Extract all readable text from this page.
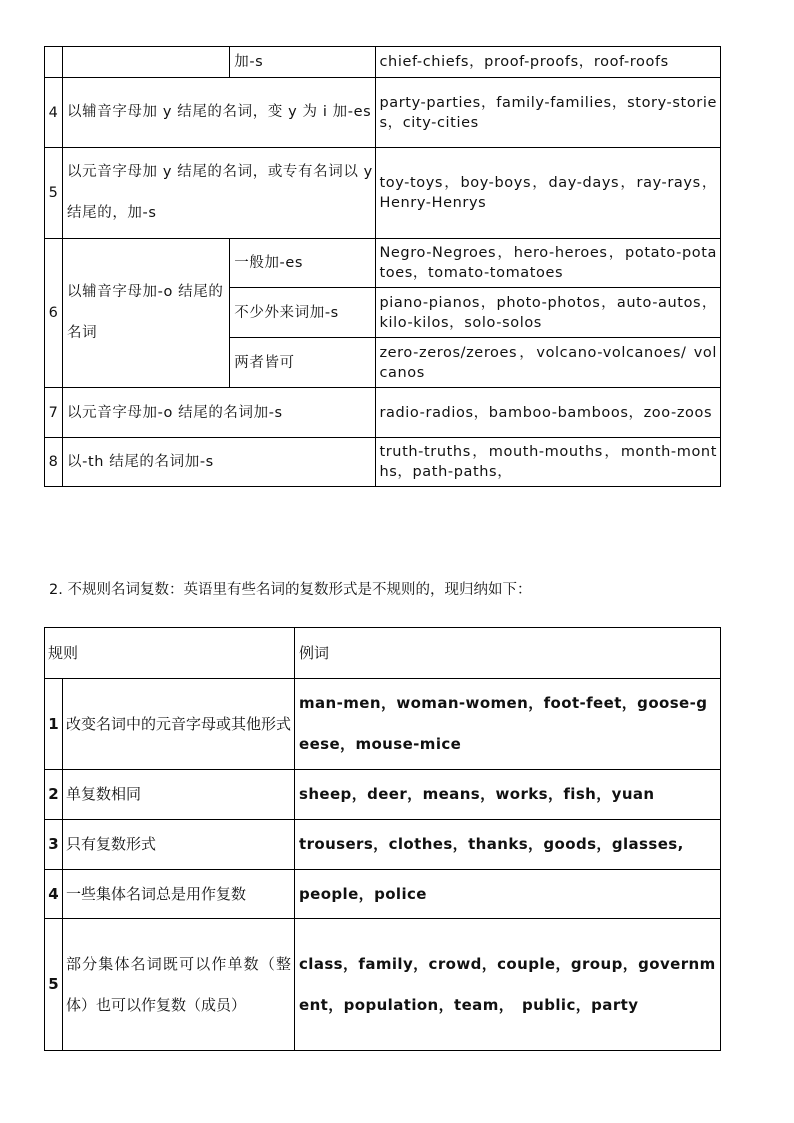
		加-s	chief-chiefs，proof-proofs，roof-roofs
4	以辅音字母加 y 结尾的名词，变 y 为 i 加-es		party-parties，family-families，story-stories，city-cities
5	以元音字母加 y 结尾的名词，或专有名词以 y 结尾的，加-s		toy-toys，boy-boys，day-days，ray-rays，Henry-Henrys
6	以辅音字母加-o 结尾的名词	一般加-es	Negro-Negroes，hero-heroes，potato-potatoes，tomato-tomatoes
		不少外来词加-s	piano-pianos，photo-photos，auto-autos，kilo-kilos，solo-solos
		两者皆可	zero-zeros/zeroes，volcano-volcanoes/ volcanos
7	以元音字母加-o 结尾的名词加-s		radio-radios，bamboo-bamboos，zoo-zoos
8	以-th 结尾的名词加-s		truth-truths，mouth-mouths，month-months，path-paths，

2. 不规则名词复数：英语里有些名词的复数形式是不规则的，现归纳如下：

规则		例词
1	改变名词中的元音字母或其他形式	man-men，woman-women，foot-feet，goose-geese，mouse-mice
2	单复数相同	sheep，deer，means，works，fish，yuan
3	只有复数形式	trousers，clothes，thanks，goods，glasses,
4	一些集体名词总是用作复数	people，police
5	部分集体名词既可以作单数（整体）也可以作复数（成员）	class，family，crowd，couple，group，government，population，team，　public，party
